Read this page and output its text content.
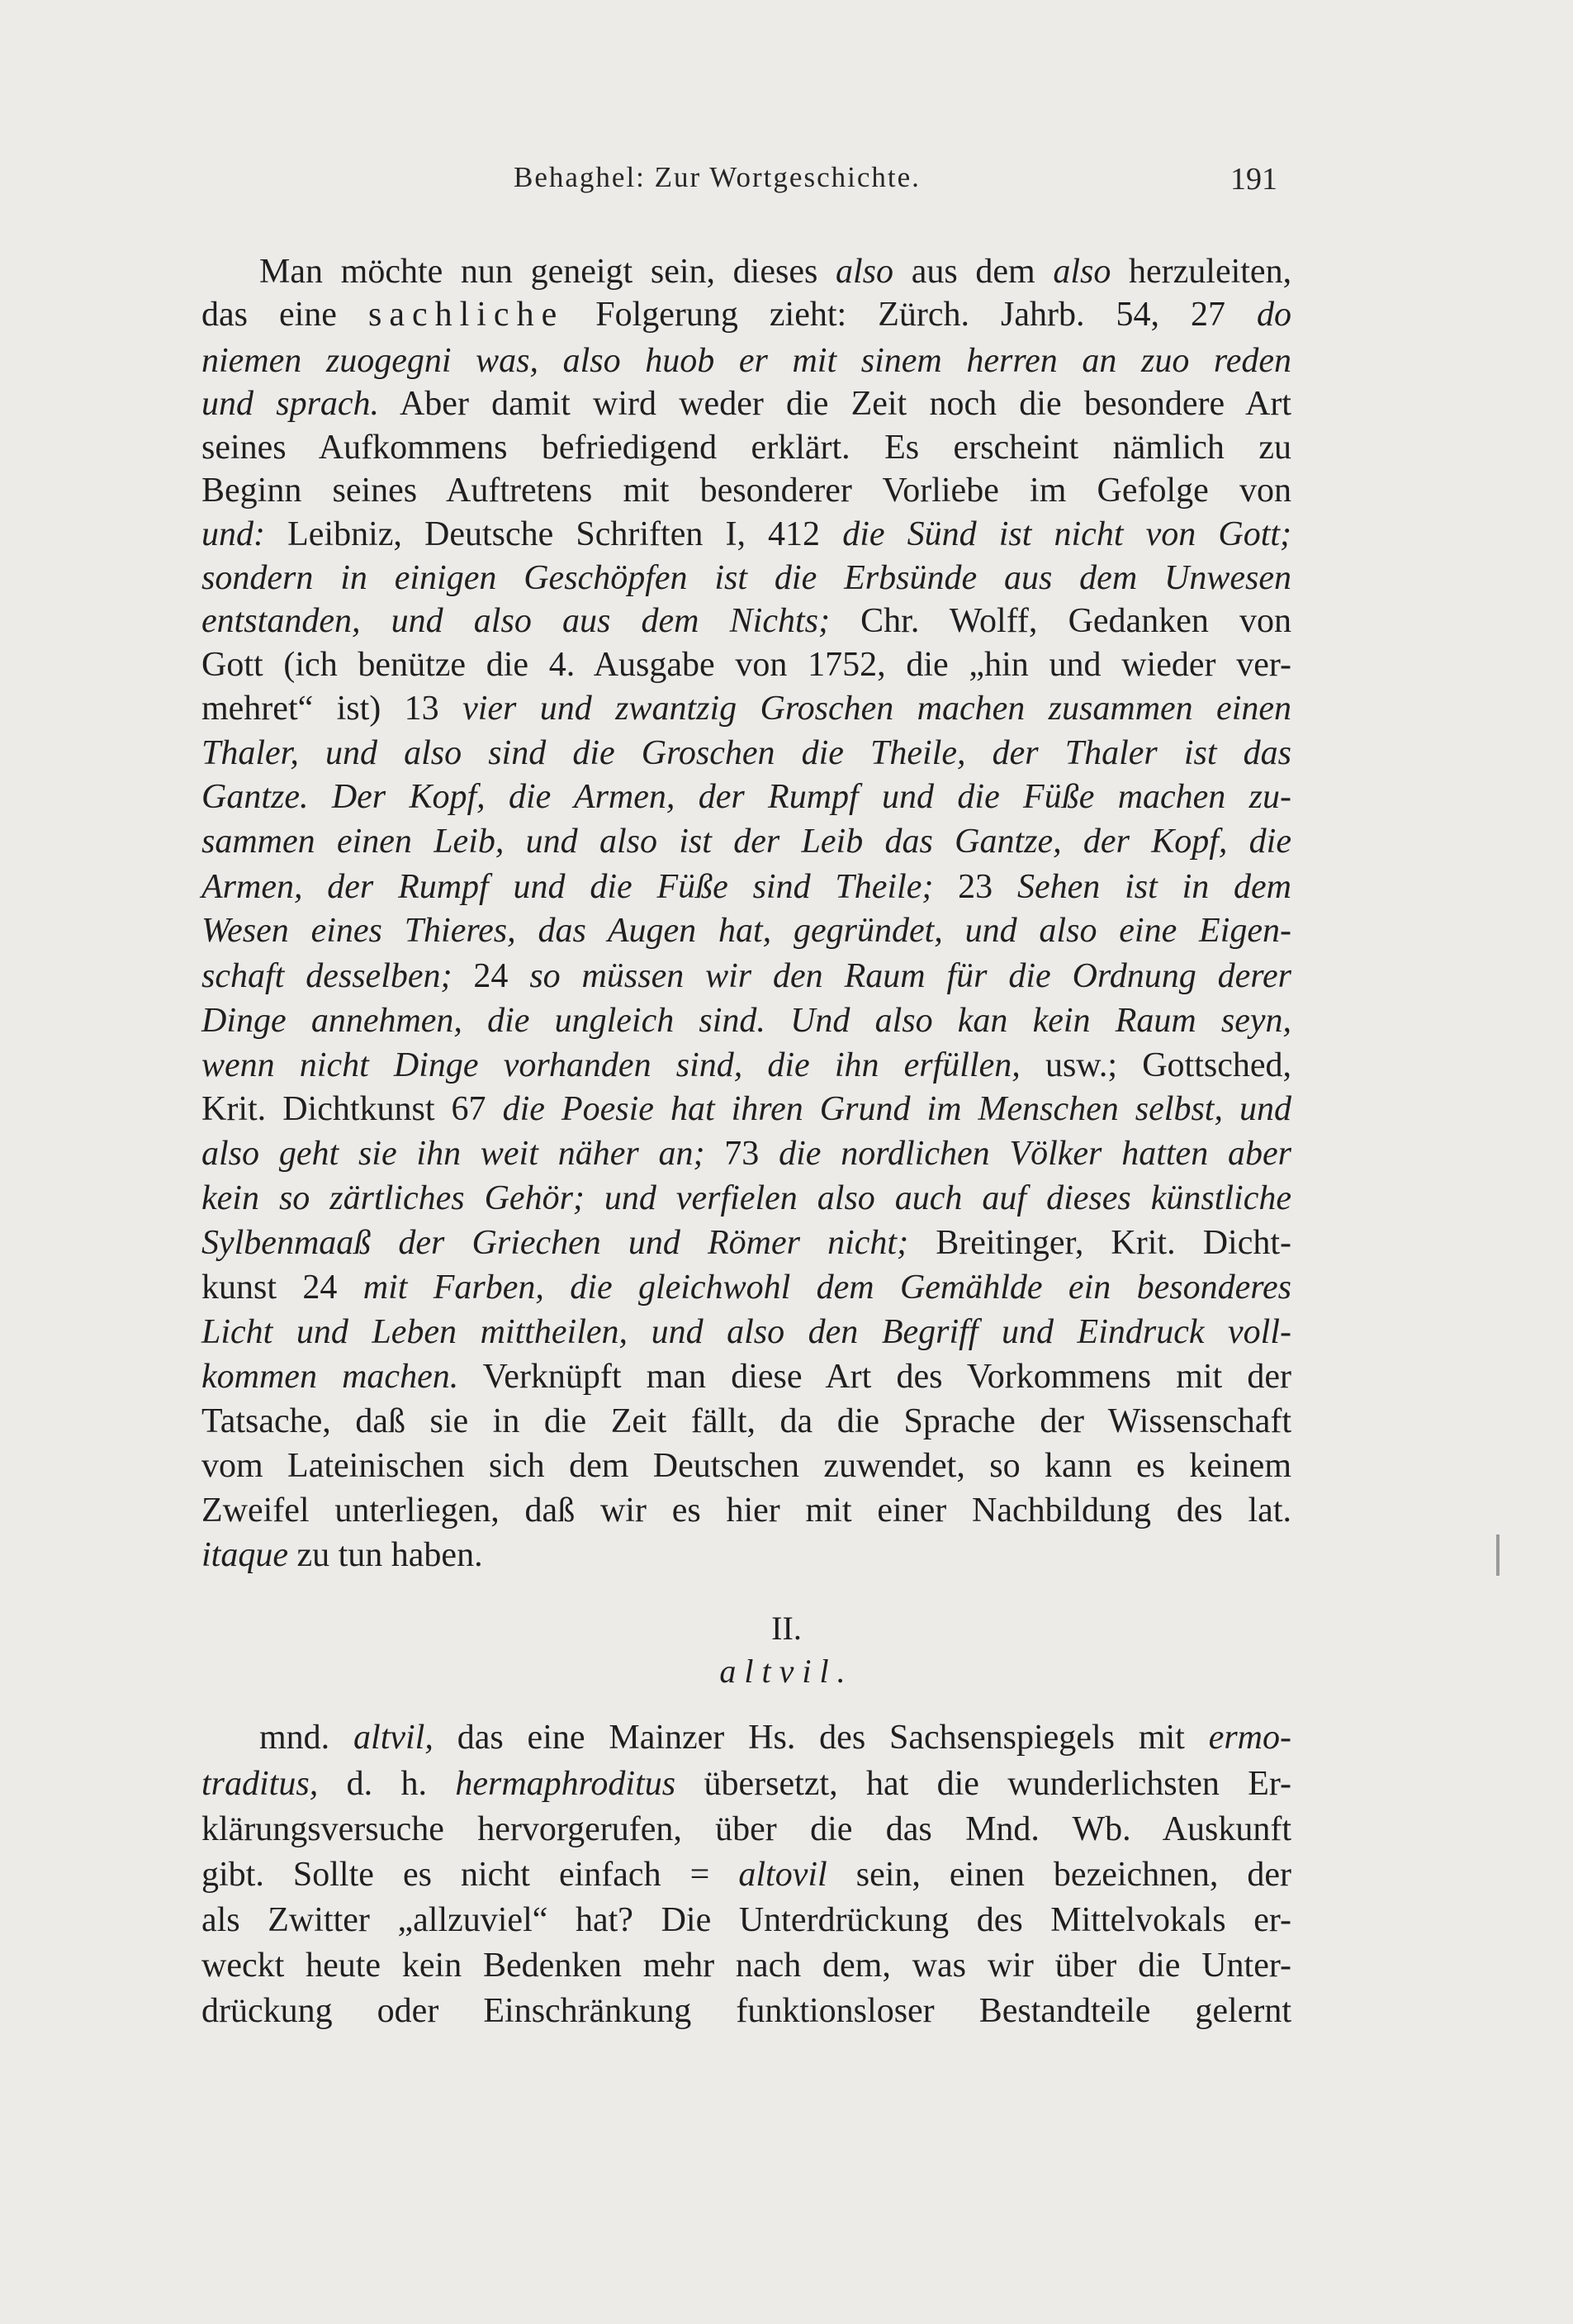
Behaghel: Zur Wortgeschichte.	191
Man möchte nun geneigt sein, dieses also aus dem also herzuleiten,
das eine sachliche Folgerung zieht: Zürch. Jahrb. 54, 27 do
niemen zuogegni was, also huob er mit sinem herren an zuo reden
und sprach. Aber damit wird weder die Zeit noch die besondere Art
seines Aufkommens befriedigend erklärt. Es erscheint nämlich zu
Beginn seines Auftretens mit besonderer Vorliebe im Gefolge von
und: Leibniz, Deutsche Schriften I, 412 die Sünd ist nicht von Gott;
sondern in einigen Geschöpfen ist die Erbsünde aus dem Unwesen
entstanden, und also aus dem Nichts; Chr. Wolff, Gedanken von
Gott (ich benütze die 4. Ausgabe von 1752, die „hin und wieder ver-
mehret“ ist) 13 vier und zwantzig Groschen machen zusammen einen
Thaler, und also sind die Groschen die Theile, der Thaler ist das
Gantze. Der Kopf, die Armen, der Rumpf und die Füße machen zu-
sammen einen Leib, und also ist der Leib das Gantze, der Kopf, die
Armen, der Rumpf und die Füße sind Theile; 23 Sehen ist in dem
Wesen eines Thieres, das Augen hat, gegründet, und also eine Eigen-
schaft desselben; 24 so müssen wir den Raum für die Ordnung derer
Dinge annehmen, die ungleich sind. Und also kan kein Raum seyn,
wenn nicht Dinge vorhanden sind, die ihn erfüllen, usw.; Gottsched,
Krit. Dichtkunst 67 die Poesie hat ihren Grund im Menschen selbst, und
also geht sie ihn weit näher an; 73 die nordlichen Völker hatten aber
kein so zärtliches Gehör; und verfielen also auch auf dieses künstliche
Sylbenmaaß der Griechen und Römer nicht; Breitinger, Krit. Dicht-
kunst 24 mit Farben, die gleichwohl dem Gemählde ein besonderes
Licht und Leben mittheilen, und also den Begriff und Eindruck voll-
kommen machen. Verknüpft man diese Art des Vorkommens mit der
Tatsache, daß sie in die Zeit fällt, da die Sprache der Wissenschaft
vom Lateinischen sich dem Deutschen zuwendet, so kann es keinem
Zweifel unterliegen, daß wir es hier mit einer Nachbildung des lat.
itaque zu tun haben.
II.
altvil.
mnd. altvil, das eine Mainzer Hs. des Sachsenspiegels mit ermo-
traditus, d. h. hermaphroditus übersetzt, hat die wunderlichsten Er-
klärungsversuche hervorgerufen, über die das Mnd. Wb. Auskunft
gibt. Sollte es nicht einfach = altovil sein, einen bezeichnen, der
als Zwitter „allzuviel“ hat? Die Unterdrückung des Mittelvokals er-
weckt heute kein Bedenken mehr nach dem, was wir über die Unter-
drückung oder Einschränkung funktionsloser Bestandteile gelernt
